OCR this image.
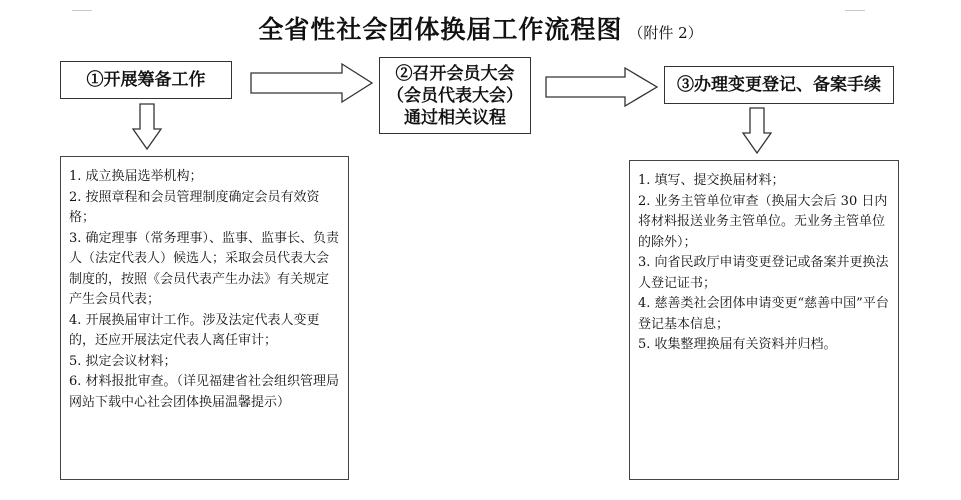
全省性社会团体换届工作流程图 （附件 2）
①开展筹备工作	②召开会员大会
（会员代表大会）
通过相关议程
③办理变更登记、备案手续

1. 成立换届选举机构；

2. 按照章程和会员管理制度确定会员有效资格；

3. 确定理事（常务理事）、监事、监事长、负责人（法定代表人）候选人；采取会员代表大会制度的，按照《会员代表产生办法》有关规定产生会员代表；

4. 开展换届审计工作。涉及法定代表人变更的，还应开展法定代表人离任审计；

5. 拟定会议材料；

6. 材料报批审查。（详见福建省社会组织管理局网站下载中心社会团体换届温馨提示）

1. 填写、提交换届材料；

2. 业务主管单位审查（换届大会后 30 日内将材料报送业务主管单位。无业务主管单位的除外）；

3. 向省民政厅申请变更登记或备案并更换法人登记证书；

4. 慈善类社会团体申请变更“慈善中国”平台登记基本信息；

5. 收集整理换届有关资料并归档。
